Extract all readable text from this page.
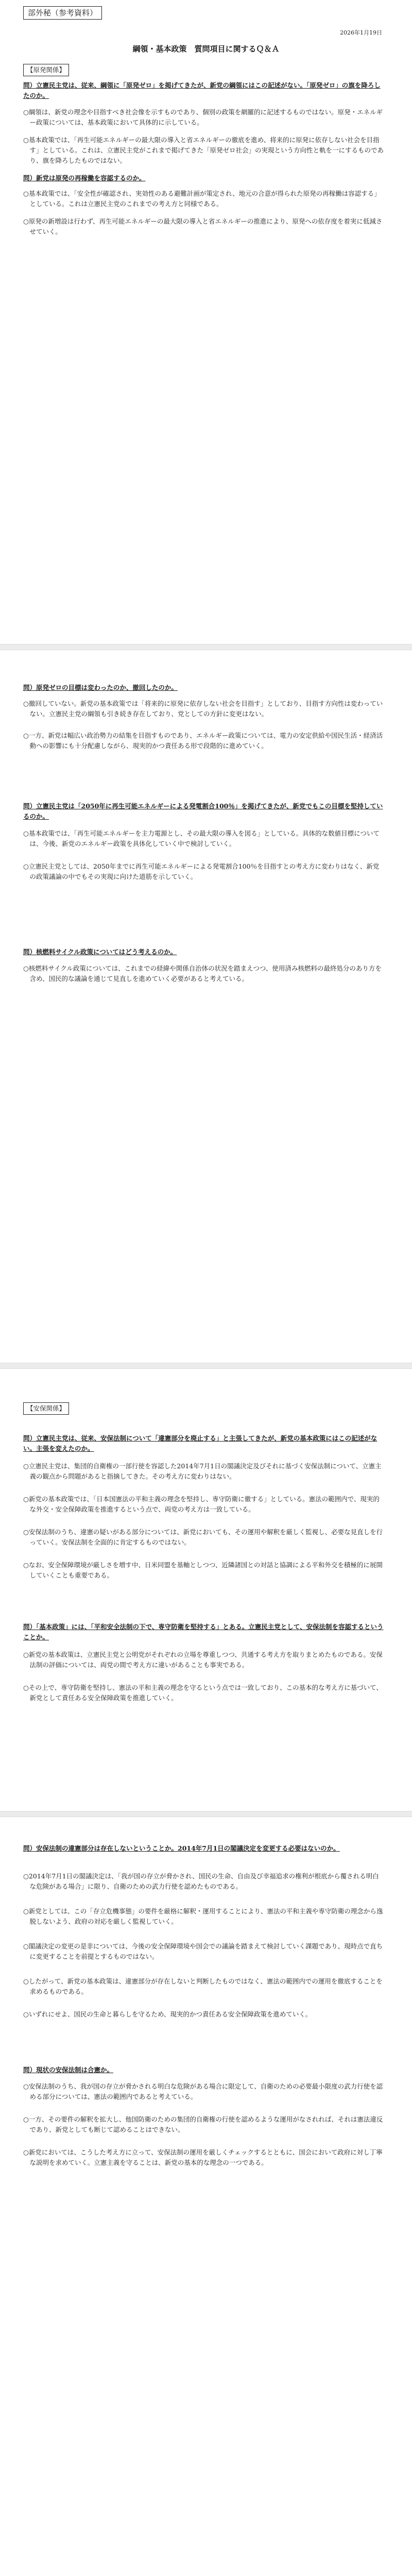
部外秘（参考資料）
2026年1月19日
綱領・基本政策　質問項目に関するＱ＆Ａ
【原発関係】
問）立憲民主党は、従来、綱領に「原発ゼロ」を掲げてきたが、新党の綱領にはこの記述がない。「原発ゼロ」の旗を降ろしたのか。
○綱領は、新党の理念や目指すべき社会像を示すものであり、個別の政策を網羅的に記述するものではない。原発・エネルギー政策については、基本政策において具体的に示している。
○基本政策では、「再生可能エネルギーの最大限の導入と省エネルギーの徹底を進め、将来的に原発に依存しない社会を目指す」としている。これは、立憲民主党がこれまで掲げてきた「原発ゼロ社会」の実現という方向性と軌を一にするものであり、旗を降ろしたものではない。
問）新党は原発の再稼働を容認するのか。
○基本政策では、「安全性が確認され、実効性のある避難計画が策定され、地元の合意が得られた原発の再稼働は容認する」としている。これは立憲民主党のこれまでの考え方と同様である。
○原発の新増設は行わず、再生可能エネルギーの最大限の導入と省エネルギーの推進により、原発への依存度を着実に低減させていく。
問）原発ゼロの目標は変わったのか、撤回したのか。
○撤回していない。新党の基本政策では「将来的に原発に依存しない社会を目指す」としており、目指す方向性は変わっていない。立憲民主党の綱領も引き続き存在しており、党としての方針に変更はない。
○一方、新党は幅広い政治勢力の結集を目指すものであり、エネルギー政策については、電力の安定供給や国民生活・経済活動への影響にも十分配慮しながら、現実的かつ責任ある形で段階的に進めていく。
問）立憲民主党は「2050年に再生可能エネルギーによる発電割合100％」を掲げてきたが、新党でもこの目標を堅持しているのか。
○基本政策では、「再生可能エネルギーを主力電源とし、その最大限の導入を図る」としている。具体的な数値目標については、今後、新党のエネルギー政策を具体化していく中で検討していく。
○立憲民主党としては、2050年までに再生可能エネルギーによる発電割合100％を目指すとの考え方に変わりはなく、新党の政策議論の中でもその実現に向けた道筋を示していく。
問）核燃料サイクル政策についてはどう考えるのか。
○核燃料サイクル政策については、これまでの経緯や関係自治体の状況を踏まえつつ、使用済み核燃料の最終処分のあり方を含め、国民的な議論を通じて見直しを進めていく必要があると考えている。
【安保関係】
問）立憲民主党は、従来、安保法制について「違憲部分を廃止する」と主張してきたが、新党の基本政策にはこの記述がない。主張を変えたのか。
○立憲民主党は、集団的自衛権の一部行使を容認した2014年7月1日の閣議決定及びそれに基づく安保法制について、立憲主義の観点から問題があると指摘してきた。その考え方に変わりはない。
○新党の基本政策では、「日本国憲法の平和主義の理念を堅持し、専守防衛に徹する」としている。憲法の範囲内で、現実的な外交・安全保障政策を推進するという点で、両党の考え方は一致している。
○安保法制のうち、違憲の疑いがある部分については、新党においても、その運用や解釈を厳しく監視し、必要な見直しを行っていく。安保法制を全面的に肯定するものではない。
○なお、安全保障環境が厳しさを増す中、日米同盟を基軸としつつ、近隣諸国との対話と協調による平和外交を積極的に展開していくことも重要である。
問）「基本政策」には、「平和安全法制の下で、専守防衛を堅持する」とある。立憲民主党として、安保法制を容認するということか。
○新党の基本政策は、立憲民主党と公明党がそれぞれの立場を尊重しつつ、共通する考え方を取りまとめたものである。安保法制の評価については、両党の間で考え方に違いがあることも事実である。
○その上で、専守防衛を堅持し、憲法の平和主義の理念を守るという点では一致しており、この基本的な考え方に基づいて、新党として責任ある安全保障政策を推進していく。
問）安保法制の違憲部分は存在しないということか。2014年7月1日の閣議決定を変更する必要はないのか。
○2014年7月1日の閣議決定は、「我が国の存立が脅かされ、国民の生命、自由及び幸福追求の権利が根底から覆される明白な危険がある場合」に限り、自衛のための武力行使を認めたものである。
○新党としては、この「存立危機事態」の要件を厳格に解釈・運用することにより、憲法の平和主義や専守防衛の理念から逸脱しないよう、政府の対応を厳しく監視していく。
○閣議決定の変更の是非については、今後の安全保障環境や国会での議論を踏まえて検討していく課題であり、現時点で直ちに変更することを前提とするものではない。
○したがって、新党の基本政策は、違憲部分が存在しないと判断したものではなく、憲法の範囲内での運用を徹底することを求めるものである。
○いずれにせよ、国民の生命と暮らしを守るため、現実的かつ責任ある安全保障政策を進めていく。
問）現状の安保法制は合憲か。
○安保法制のうち、我が国の存立が脅かされる明白な危険がある場合に限定して、自衛のための必要最小限度の武力行使を認める部分については、憲法の範囲内であると考えている。
○一方、その要件の解釈を拡大し、他国防衛のための集団的自衛権の行使を認めるような運用がなされれば、それは憲法違反であり、新党としても断じて認めることはできない。
○新党においては、こうした考え方に立って、安保法制の運用を厳しくチェックするとともに、国会において政府に対し丁寧な説明を求めていく。立憲主義を守ることは、新党の基本的な理念の一つである。
